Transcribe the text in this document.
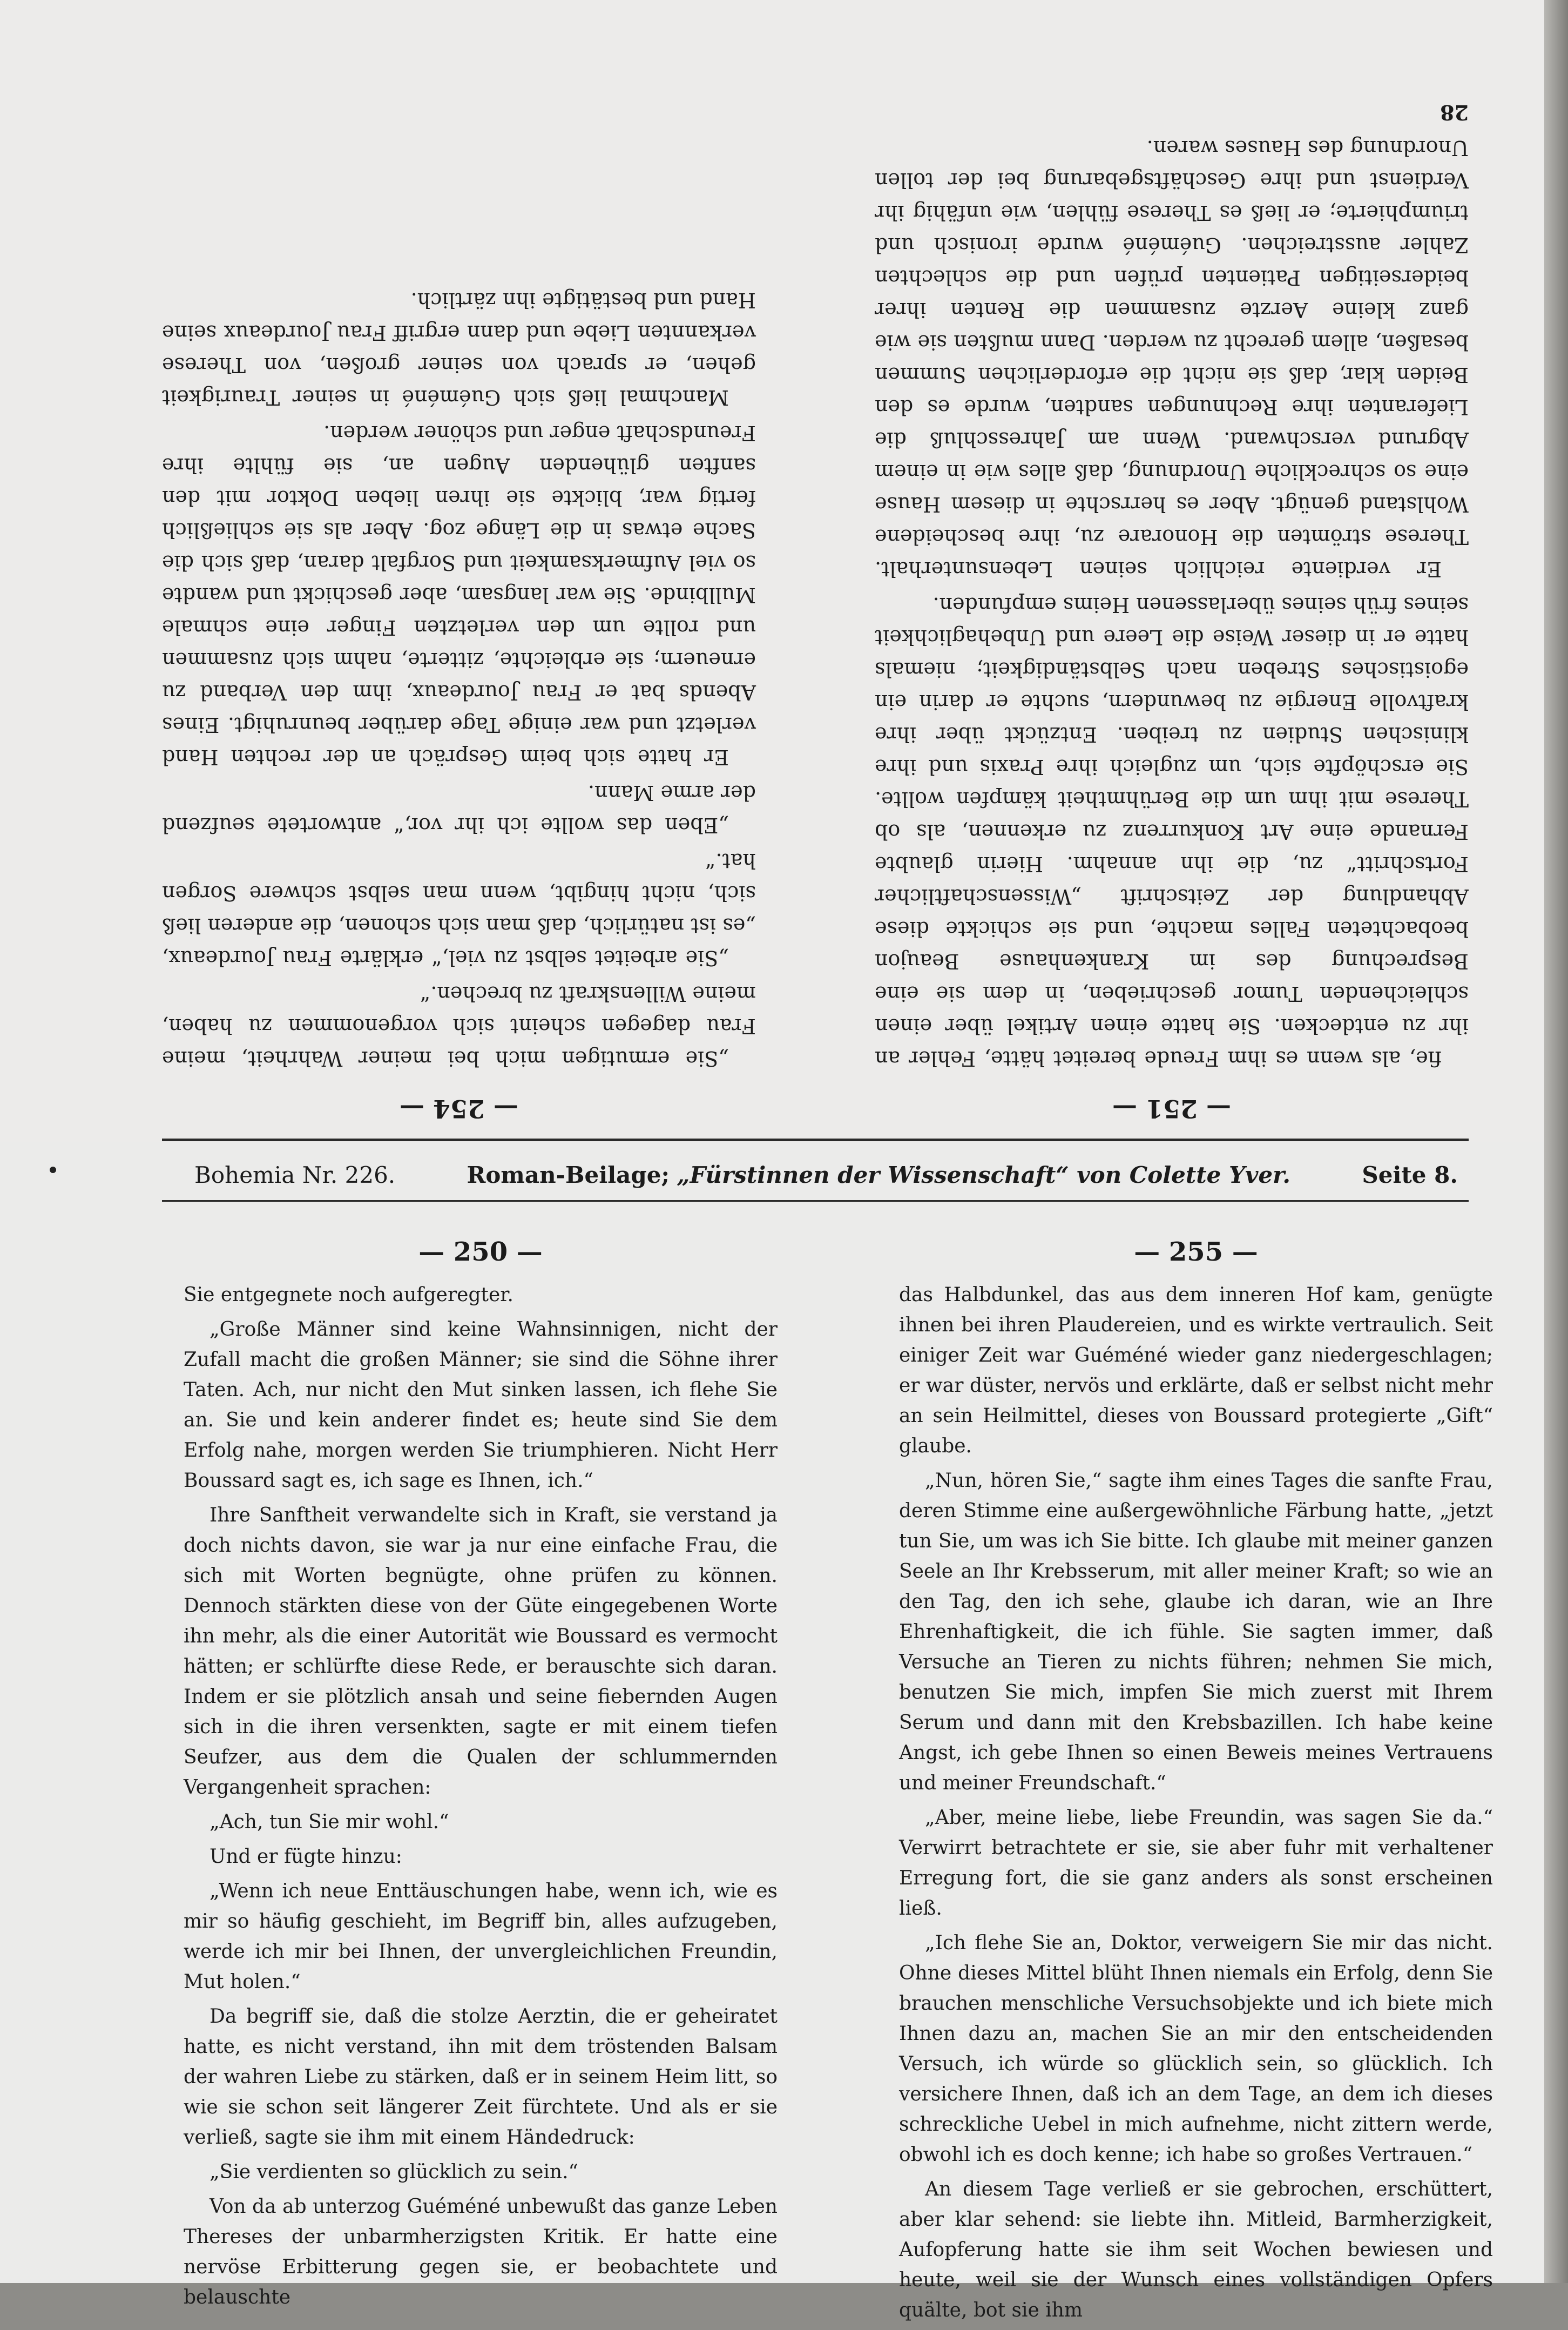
— 251 —
— 254 —

fie, als wenn es ihm Freude bereitet hätte, Fehler an ihr zu entdecken. Sie hatte einen Artikel über einen schleichenden Tumor geschrieben, in dem sie eine Besprechung des im Krankenhause Beaujon beobachteten Falles machte, und sie schickte diese Abhandlung der Zeitschrift „Wissenschaftlicher Fortschritt“ zu, die ihn annahm. Hierin glaubte Fernande eine Art Konkurrenz zu erkennen, als ob Therese mit ihm um die Berühmtheit kämpfen wollte. Sie erschöpfte sich, um zugleich ihre Praxis und ihre klinischen Studien zu treiben. Entzückt über ihre kraftvolle Energie zu bewundern, suchte er darin ein egoistisches Streben nach Selbständigkeit; niemals hatte er in dieser Weise die Leere und Unbehaglichkeit seines früh seines überlassenen Heims empfunden.

Er verdiente reichlich seinen Lebensunterhalt. Therese strömten die Honorare zu, ihre bescheidene Wohlstand genügt. Aber es herrschte in diesem Hause eine so schreckliche Unordnung, daß alles wie in einem Abgrund verschwand. Wenn am Jahresschluß die Lieferanten ihre Rechnungen sandten, wurde es den Beiden klar, daß sie nicht die erforderlichen Summen besaßen, allem gerecht zu werden. Dann mußten sie wie ganz kleine Aerzte zusammen die Renten ihrer beiderseitigen Patienten prüfen und die schlechten Zahler ausstreichen. Guéméné wurde ironisch und triumphierte; er ließ es Therese fühlen, wie unfähig ihr Verdienst und ihre Geschäftsgebarung bei der tollen Unordnung des Hauses waren.

28

„Sie ermutigen mich bei meiner Wahrheit, meine Frau dagegen scheint sich vorgenommen zu haben, meine Willenskraft zu brechen.“

„Sie arbeitet selbst zu viel,“ erklärte Frau Jourdeaux, „es ist natürlich, daß man sich schonen, die anderen ließ sich, nicht hingibt, wenn man selbst schwere Sorgen hat.“

„Eben das wollte ich ihr vor,“ antwortete seufzend der arme Mann.

Er hatte sich beim Gespräch an der rechten Hand verletzt und war einige Tage darüber beunruhigt. Eines Abends bat er Frau Jourdeaux, ihm den Verband zu erneuern; sie erbleichte, zitterte, nahm sich zusammen und rollte um den verletzten Finger eine schmale Mullbinde. Sie war langsam, aber geschickt und wandte so viel Aufmerksamkeit und Sorgfalt daran, daß sich die Sache etwas in die Länge zog. Aber als sie schließlich fertig war, blickte sie ihren lieben Doktor mit den sanften glühenden Augen an, sie fühlte ihre Freundschaft enger und schöner werden.

Manchmal ließ sich Guéméné in seiner Traurigkeit gehen, er sprach von seiner großen, von Therese verkannten Liebe und dann ergriff Frau Jourdeaux seine Hand und bestätigte ihn zärtlich.

Bohemia Nr. 226.	Roman-Beilage; „Fürstinnen der Wissenschaft“ von Colette Yver.	Seite 8.
— 250 —	— 255 —

Sie entgegnete noch aufgeregter.

„Große Männer sind keine Wahnsinnigen, nicht der Zufall macht die großen Männer; sie sind die Söhne ihrer Taten. Ach, nur nicht den Mut sinken lassen, ich flehe Sie an. Sie und kein anderer findet es; heute sind Sie dem Erfolg nahe, morgen werden Sie triumphieren. Nicht Herr Boussard sagt es, ich sage es Ihnen, ich.“

Ihre Sanftheit verwandelte sich in Kraft, sie verstand ja doch nichts davon, sie war ja nur eine einfache Frau, die sich mit Worten begnügte, ohne prüfen zu können. Dennoch stärkten diese von der Güte eingegebenen Worte ihn mehr, als die einer Autorität wie Boussard es vermocht hätten; er schlürfte diese Rede, er berauschte sich daran. Indem er sie plötzlich ansah und seine fiebernden Augen sich in die ihren versenkten, sagte er mit einem tiefen Seufzer, aus dem die Qualen der schlummernden Vergangenheit sprachen:

„Ach, tun Sie mir wohl.“

Und er fügte hinzu:

„Wenn ich neue Enttäuschungen habe, wenn ich, wie es mir so häufig geschieht, im Begriff bin, alles aufzugeben, werde ich mir bei Ihnen, der unvergleichlichen Freundin, Mut holen.“

Da begriff sie, daß die stolze Aerztin, die er geheiratet hatte, es nicht verstand, ihn mit dem tröstenden Balsam der wahren Liebe zu stärken, daß er in seinem Heim litt, so wie sie schon seit längerer Zeit fürchtete. Und als er sie verließ, sagte sie ihm mit einem Händedruck:

„Sie verdienten so glücklich zu sein.“

Von da ab unterzog Guéméné unbewußt das ganze Leben Thereses der unbarmherzigsten Kritik. Er hatte eine nervöse Erbitterung gegen sie, er beobachtete und belauschte

das Halbdunkel, das aus dem inneren Hof kam, genügte ihnen bei ihren Plaudereien, und es wirkte vertraulich. Seit einiger Zeit war Guéméné wieder ganz niedergeschlagen; er war düster, nervös und erklärte, daß er selbst nicht mehr an sein Heilmittel, dieses von Boussard protegierte „Gift“ glaube.

„Nun, hören Sie,“ sagte ihm eines Tages die sanfte Frau, deren Stimme eine außergewöhnliche Färbung hatte, „jetzt tun Sie, um was ich Sie bitte. Ich glaube mit meiner ganzen Seele an Ihr Krebsserum, mit aller meiner Kraft; so wie an den Tag, den ich sehe, glaube ich daran, wie an Ihre Ehrenhaftigkeit, die ich fühle. Sie sagten immer, daß Versuche an Tieren zu nichts führen; nehmen Sie mich, benutzen Sie mich, impfen Sie mich zuerst mit Ihrem Serum und dann mit den Krebsbazillen. Ich habe keine Angst, ich gebe Ihnen so einen Beweis meines Vertrauens und meiner Freundschaft.“

„Aber, meine liebe, liebe Freundin, was sagen Sie da.“ Verwirrt betrachtete er sie, sie aber fuhr mit verhaltener Erregung fort, die sie ganz anders als sonst erscheinen ließ.

„Ich flehe Sie an, Doktor, verweigern Sie mir das nicht. Ohne dieses Mittel blüht Ihnen niemals ein Erfolg, denn Sie brauchen menschliche Versuchsobjekte und ich biete mich Ihnen dazu an, machen Sie an mir den entscheidenden Versuch, ich würde so glücklich sein, so glücklich. Ich versichere Ihnen, daß ich an dem Tage, an dem ich dieses schreckliche Uebel in mich aufnehme, nicht zittern werde, obwohl ich es doch kenne; ich habe so großes Vertrauen.“

An diesem Tage verließ er sie gebrochen, erschüttert, aber klar sehend: sie liebte ihn. Mitleid, Barmherzigkeit, Aufopferung hatte sie ihm seit Wochen bewiesen und heute, weil sie der Wunsch eines vollständigen Opfers quälte, bot sie ihm
